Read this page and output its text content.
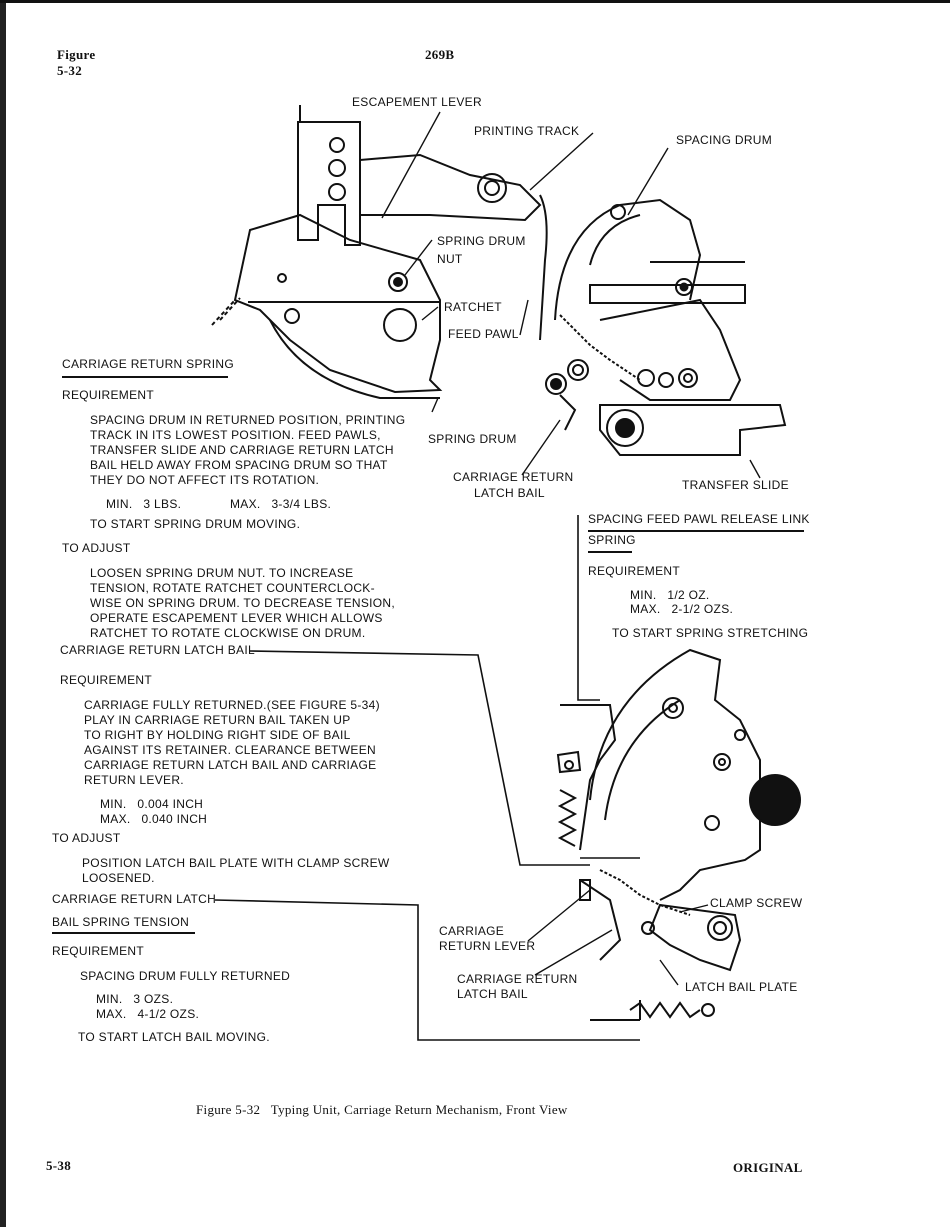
Figure
5-32
269B
ESCAPEMENT LEVER
PRINTING TRACK
SPACING DRUM
SPRING DRUM
NUT
RATCHET
FEED PAWL
SPRING DRUM
CARRIAGE RETURN
LATCH BAIL
TRANSFER SLIDE
CARRIAGE RETURN SPRING
REQUIREMENT
SPACING DRUM IN RETURNED POSITION, PRINTING
TRACK IN ITS LOWEST POSITION. FEED PAWLS,
TRANSFER SLIDE AND CARRIAGE RETURN LATCH
BAIL HELD AWAY FROM SPACING DRUM SO THAT
THEY DO NOT AFFECT ITS ROTATION.
MIN.   3 LBS.	MAX.   3-3/4 LBS.
TO START SPRING DRUM MOVING.
TO ADJUST
LOOSEN SPRING DRUM NUT. TO INCREASE
TENSION, ROTATE RATCHET COUNTERCLOCK-
WISE ON SPRING DRUM. TO DECREASE TENSION,
OPERATE ESCAPEMENT LEVER WHICH ALLOWS
RATCHET TO ROTATE CLOCKWISE ON DRUM.
CARRIAGE RETURN LATCH BAIL
REQUIREMENT
CARRIAGE FULLY RETURNED.(SEE FIGURE 5-34)
PLAY IN CARRIAGE RETURN BAIL TAKEN UP
TO RIGHT BY HOLDING RIGHT SIDE OF BAIL
AGAINST ITS RETAINER. CLEARANCE BETWEEN
CARRIAGE RETURN LATCH BAIL AND CARRIAGE
RETURN LEVER.
MIN.   0.004 INCH
MAX.   0.040 INCH
TO ADJUST
POSITION LATCH BAIL PLATE WITH CLAMP SCREW
LOOSENED.
CARRIAGE RETURN LATCH
BAIL SPRING TENSION
REQUIREMENT
SPACING DRUM FULLY RETURNED
MIN.   3 OZS.
MAX.   4-1/2 OZS.
TO START LATCH BAIL MOVING.
SPACING FEED PAWL RELEASE LINK
SPRING
REQUIREMENT
MIN.   1/2 OZ.
MAX.   2-1/2 OZS.
TO START SPRING STRETCHING
CLAMP SCREW
CARRIAGE
RETURN LEVER
CARRIAGE RETURN
LATCH BAIL	LATCH BAIL PLATE
Figure 5-32   Typing Unit, Carriage Return Mechanism, Front View
5-38	ORIGINAL
